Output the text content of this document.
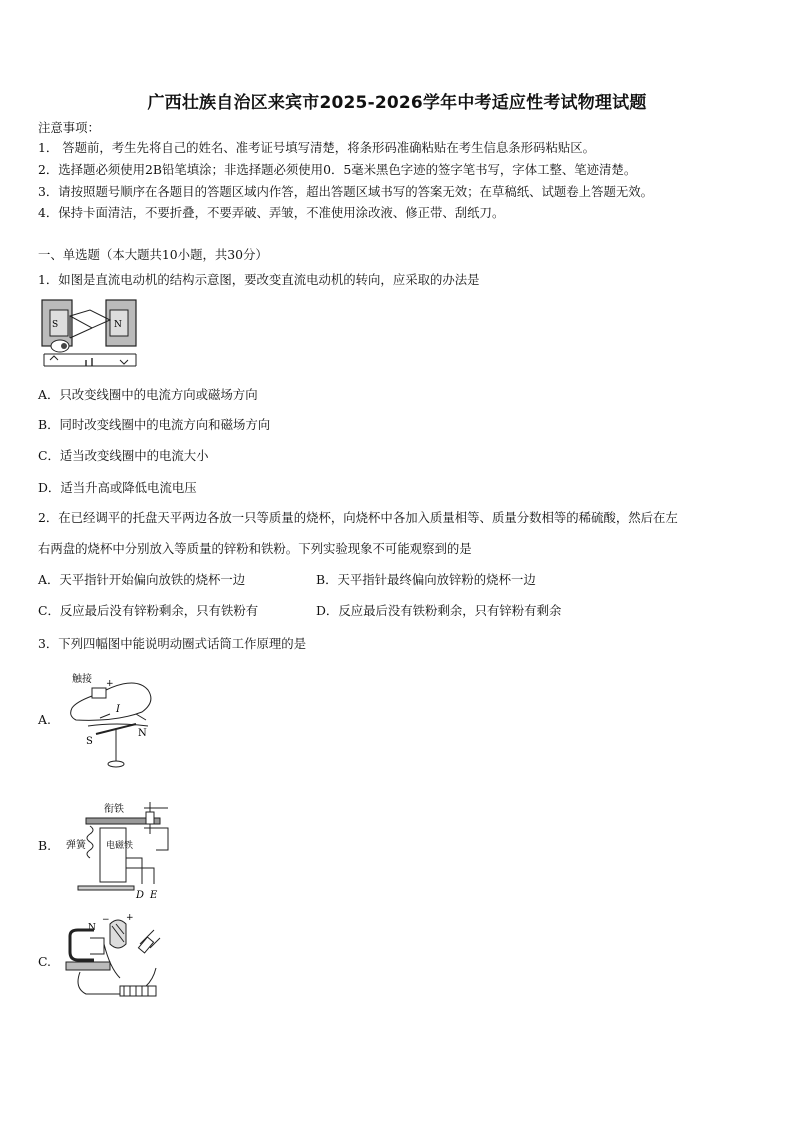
广西壮族自治区来宾市2025-2026学年中考适应性考试物理试题
注意事项：
1． 答题前，考生先将自己的姓名、准考证号填写清楚，将条形码准确粘贴在考生信息条形码粘贴区。
2．选择题必须使用2B铅笔填涂；非选择题必须使用0．5毫米黑色字迹的签字笔书写，字体工整、笔迹清楚。
3．请按照题号顺序在各题目的答题区域内作答，超出答题区域书写的答案无效；在草稿纸、试题卷上答题无效。
4．保持卡面清洁，不要折叠，不要弄破、弄皱，不准使用涂改液、修正带、刮纸刀。
一、单选题（本大题共10小题，共30分）
1．如图是直流电动机的结构示意图，要改变直流电动机的转向，应采取的办法是
S	N
A．只改变线圈中的电流方向或磁场方向
B．同时改变线圈中的电流方向和磁场方向
C．适当改变线圈中的电流大小
D．适当升高或降低电流电压
2．在已经调平的托盘天平两边各放一只等质量的烧杯，向烧杯中各加入质量相等、质量分数相等的稀硫酸，然后在左
右两盘的烧杯中分别放入等质量的锌粉和铁粉。下列实验现象不可能观察到的是
A．天平指针开始偏向放铁的烧杯一边	B．天平指针最终偏向放锌粉的烧杯一边
C．反应最后没有锌粉剩余，只有铁粉有	D．反应最后没有铁粉剩余，只有锌粉有剩余
3．下列四幅图中能说明动圈式话筒工作原理的是
A.
触接 +
I
S
N
B.
衔铁
弹簧 电磁铁
D E
C.
N
− +
